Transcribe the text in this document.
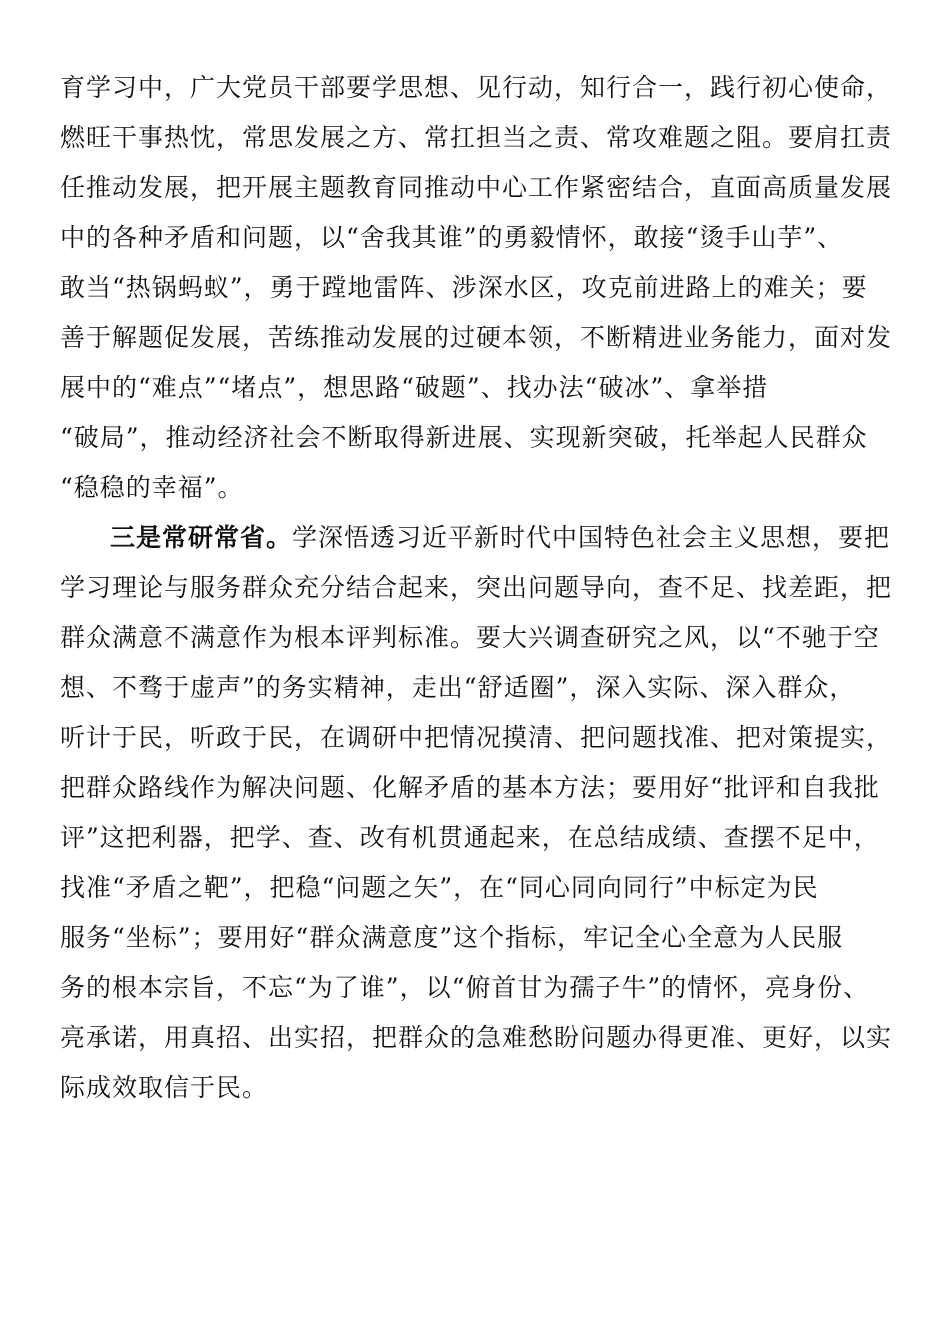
育学习中，广大党员干部要学思想、见行动，知行合一，践行初心使命，
燃旺干事热忱，常思发展之方、常扛担当之责、常攻难题之阻。要肩扛责
任推动发展，把开展主题教育同推动中心工作紧密结合，直面高质量发展
中的各种矛盾和问题，以“舍我其谁”的勇毅情怀，敢接“烫手山芋”、
敢当“热锅蚂蚁”，勇于蹚地雷阵、涉深水区，攻克前进路上的难关；要
善于解题促发展，苦练推动发展的过硬本领，不断精进业务能力，面对发
展中的“难点”“堵点”，想思路“破题”、找办法“破冰”、拿举措
“破局”，推动经济社会不断取得新进展、实现新突破，托举起人民群众
“稳稳的幸福”。
三是常研常省。学深悟透习近平新时代中国特色社会主义思想，要把
学习理论与服务群众充分结合起来，突出问题导向，查不足、找差距，把
群众满意不满意作为根本评判标准。要大兴调查研究之风，以“不驰于空
想、不骛于虚声”的务实精神，走出“舒适圈”，深入实际、深入群众，
听计于民，听政于民，在调研中把情况摸清、把问题找准、把对策提实，
把群众路线作为解决问题、化解矛盾的基本方法；要用好“批评和自我批
评”这把利器，把学、查、改有机贯通起来，在总结成绩、查摆不足中，
找准“矛盾之靶”，把稳“问题之矢”，在“同心同向同行”中标定为民
服务“坐标”；要用好“群众满意度”这个指标，牢记全心全意为人民服
务的根本宗旨，不忘“为了谁”，以“俯首甘为孺子牛”的情怀，亮身份、
亮承诺，用真招、出实招，把群众的急难愁盼问题办得更准、更好，以实
际成效取信于民。
